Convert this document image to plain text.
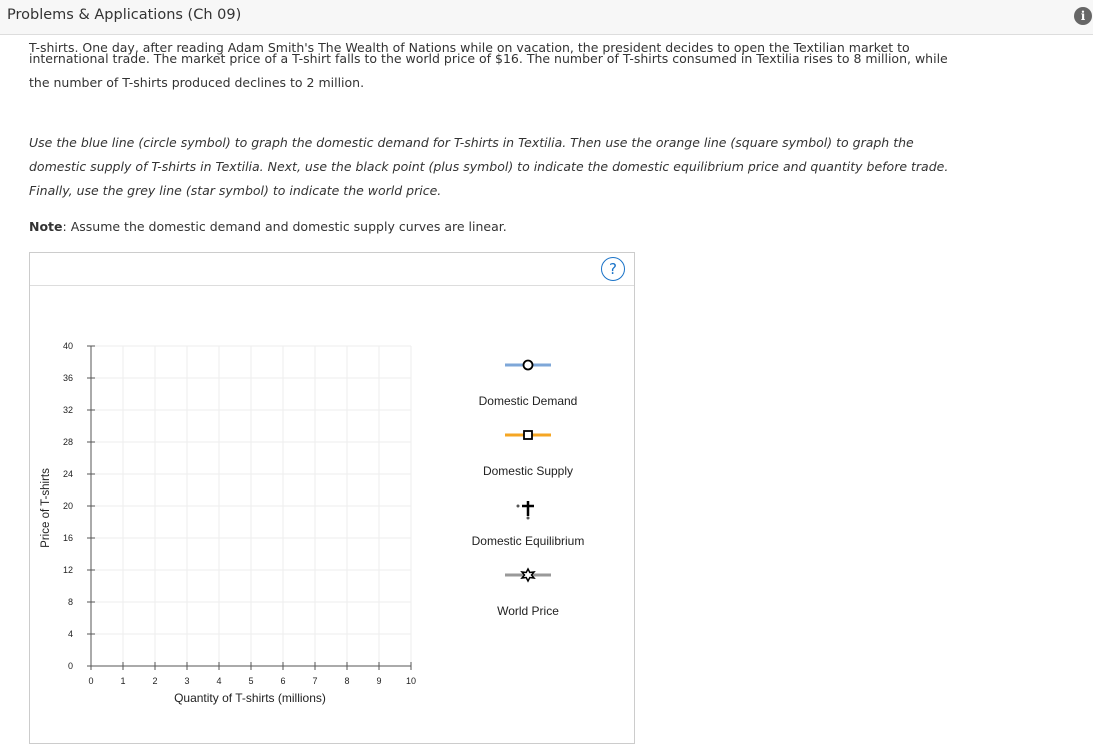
Problems & Applications (Ch 09)	i

T-shirts. One day, after reading Adam Smith's The Wealth of Nations while on vacation, the president decides to open the Textilian market to

international trade. The market price of a T-shirt falls to the world price of $16. The number of T-shirts consumed in Textilia rises to 8 million, while

the number of T-shirts produced declines to 2 million.

Use the blue line (circle symbol) to graph the domestic demand for T-shirts in Textilia. Then use the orange line (square symbol) to graph the

domestic supply of T-shirts in Textilia. Next, use the black point (plus symbol) to indicate the domestic equilibrium price and quantity before trade.

Finally, use the grey line (star symbol) to indicate the world price.

Note: Assume the domestic demand and domestic supply curves are linear.

?
0	1	2	3	4	5	6	7	8	9	10
40
36
32
28
24
20
16
12
8
4
0
Quantity of T-shirts (millions)
Price of T-shirts
Domestic Demand
Domestic Supply
Domestic Equilibrium
World Price
